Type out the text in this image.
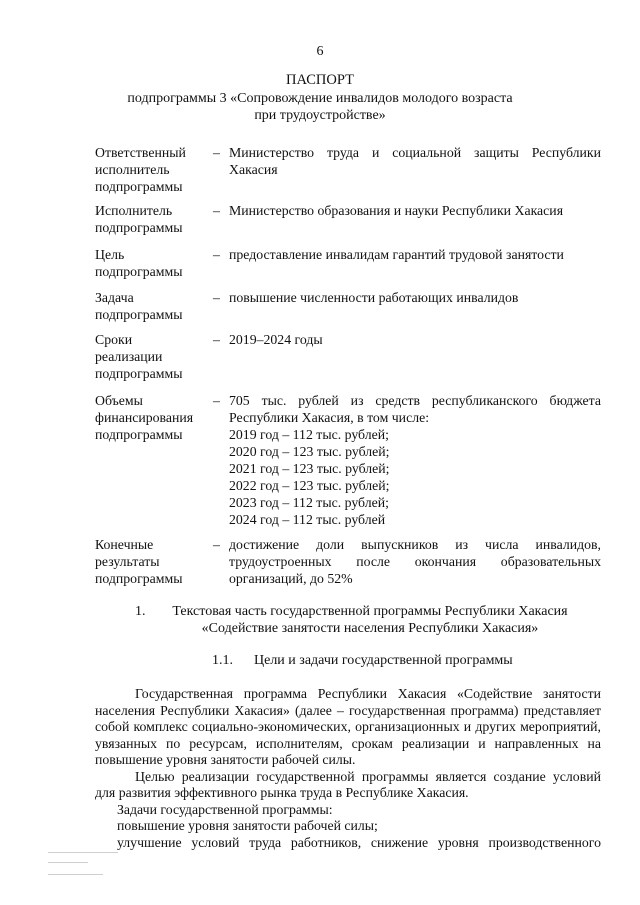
6
ПАСПОРТ
подпрограммы 3 «Сопровождение инвалидов молодого возраста
при трудоустройстве»
Ответственный
исполнитель
подпрограммы
– Министерство труда и социальной защиты Республики Хакасия
Исполнитель
подпрограммы
– Министерство образования и науки Республики Хакасия
Цель
подпрограммы
– предоставление инвалидам гарантий трудовой занятости
Задача
подпрограммы
– повышение численности работающих инвалидов
Сроки
реализации
подпрограммы
– 2019–2024 годы
Объемы
финансирования
подпрограммы
– 705 тыс. рублей из средств республиканского бюджета Республики Хакасия, в том числе:
2019 год – 112 тыс. рублей;
2020 год – 123 тыс. рублей;
2021 год – 123 тыс. рублей;
2022 год – 123 тыс. рублей;
2023 год – 112 тыс. рублей;
2024 год – 112 тыс. рублей
Конечные
результаты
подпрограммы
– достижение доли выпускников из числа инвалидов, трудоустроенных после окончания образовательных организаций, до 52%
1. Текстовая часть государственной программы Республики Хакасия
«Содействие занятости населения Республики Хакасия»
1.1. Цели и задачи государственной программы

Государственная программа Республики Хакасия «Содействие занятости населения Республики Хакасия» (далее – государственная программа) представляет собой комплекс социально-экономических, организационных и других мероприятий, увязанных по ресурсам, исполнителям, срокам реализации и направленных на повышение уровня занятости рабочей силы.

Целью реализации государственной программы является создание условий для развития эффективного рынка труда в Республике Хакасия.

Задачи государственной программы:

повышение уровня занятости рабочей силы;

улучшение условий труда работников, снижение уровня производственного
